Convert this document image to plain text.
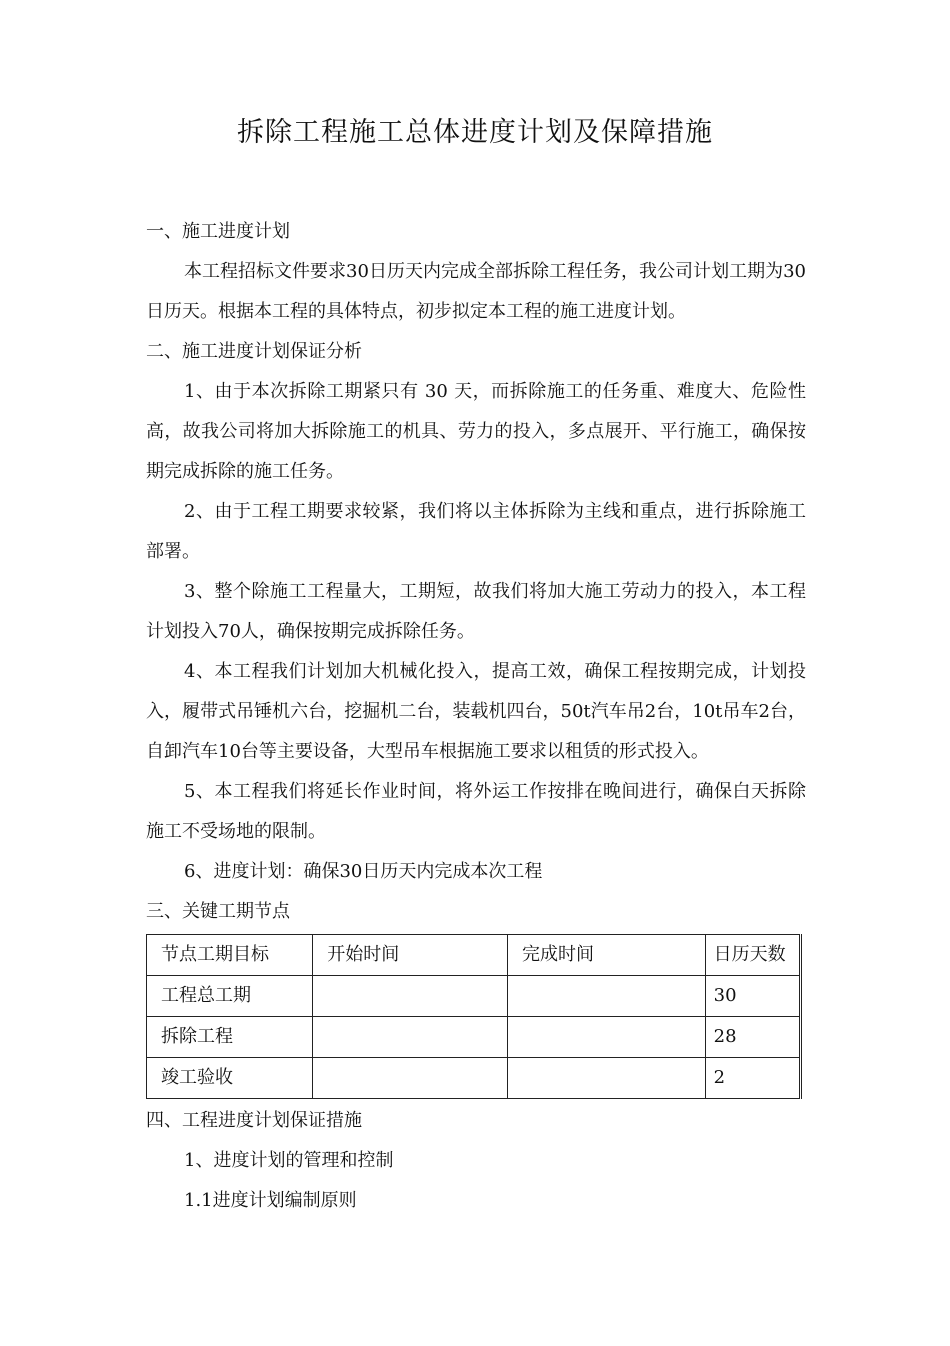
拆除工程施工总体进度计划及保障措施

一、施工进度计划

本工程招标文件要求30日历天内完成全部拆除工程任务，我公司计划工期为30日历天。根据本工程的具体特点，初步拟定本工程的施工进度计划。

二、施工进度计划保证分析

1、由于本次拆除工期紧只有 30 天，而拆除施工的任务重、难度大、危险性高，故我公司将加大拆除施工的机具、劳力的投入，多点展开、平行施工，确保按期完成拆除的施工任务。

2、由于工程工期要求较紧，我们将以主体拆除为主线和重点，进行拆除施工部署。

3、整个除施工工程量大，工期短，故我们将加大施工劳动力的投入，本工程计划投入70人，确保按期完成拆除任务。

4、本工程我们计划加大机械化投入，提高工效，确保工程按期完成，计划投入，履带式吊锤机六台，挖掘机二台，装载机四台，50t汽车吊2台，10t吊车2台，自卸汽车10台等主要设备，大型吊车根据施工要求以租赁的形式投入。

5、本工程我们将延长作业时间，将外运工作按排在晚间进行，确保白天拆除施工不受场地的限制。

6、进度计划：确保30日历天内完成本次工程

三、关键工期节点

节点工期目标	开始时间	完成时间	日历天数
工程总工期			30
拆除工程			28
竣工验收			2

四、工程进度计划保证措施

1、进度计划的管理和控制

1.1进度计划编制原则
